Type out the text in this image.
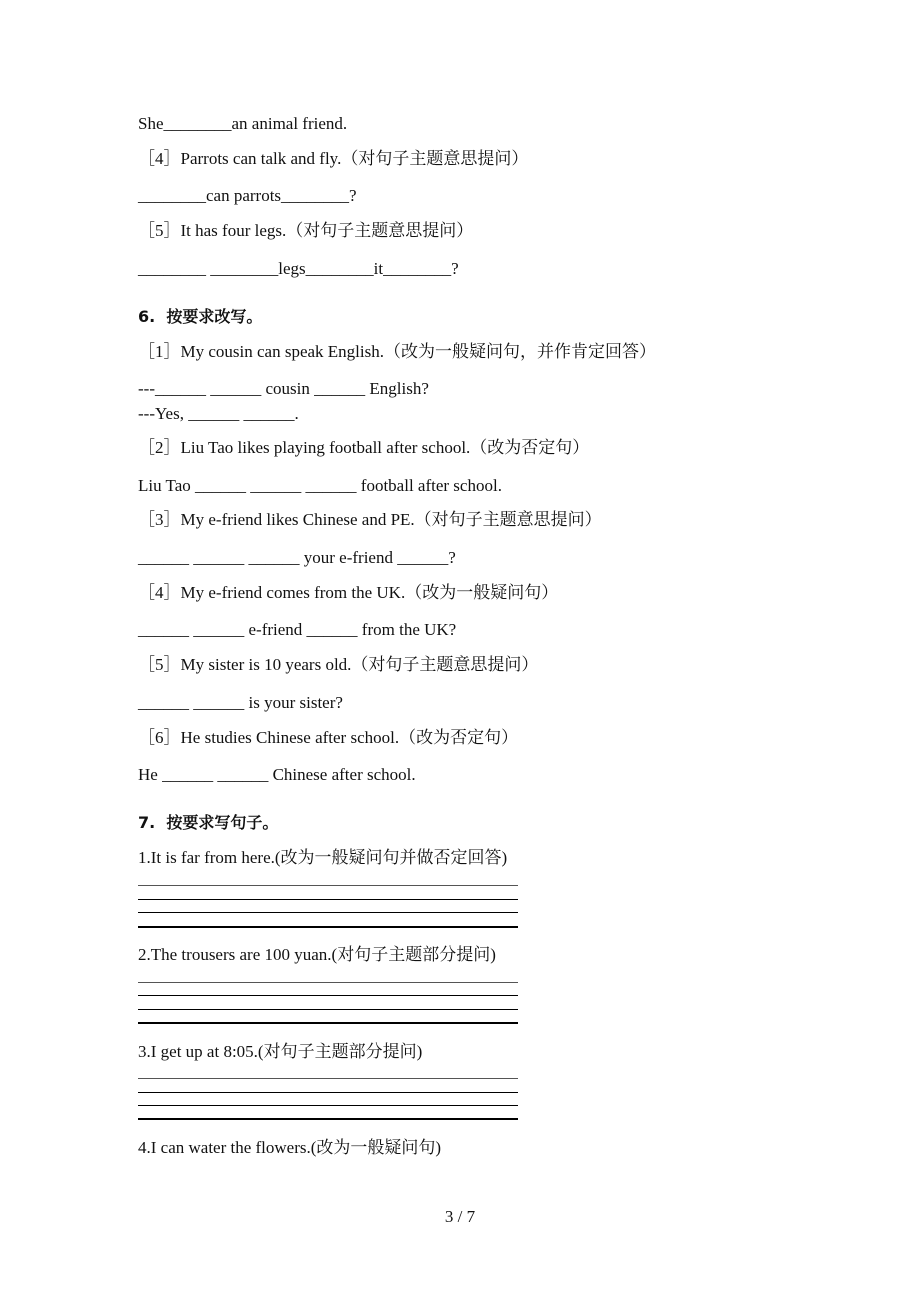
She________an animal friend.
［4］Parrots can talk and fly.（对句子主题意思提问）
________can parrots________?
［5］It has four legs.（对句子主题意思提问）
________ ________legs________it________?
6.  按要求改写。
［1］My cousin can speak English.（改为一般疑问句，并作肯定回答）
---______ ______ cousin ______ English?
---Yes, ______ ______.
［2］Liu Tao likes playing football after school.（改为否定句）
Liu Tao ______ ______ ______ football after school.
［3］My e-friend likes Chinese and PE.（对句子主题意思提问）
______ ______ ______ your e-friend ______?
［4］My e-friend comes from the UK.（改为一般疑问句）
______ ______ e-friend ______ from the UK?
［5］My sister is 10 years old.（对句子主题意思提问）
______ ______ is your sister?
［6］He studies Chinese after school.（改为否定句）
He ______ ______ Chinese after school.
7.  按要求写句子。
1.It is far from here.(改为一般疑问句并做否定回答)
2.The trousers are 100 yuan.(对句子主题部分提问)
3.I get up at 8:05.(对句子主题部分提问)
4.I can water the flowers.(改为一般疑问句)
3 / 7
